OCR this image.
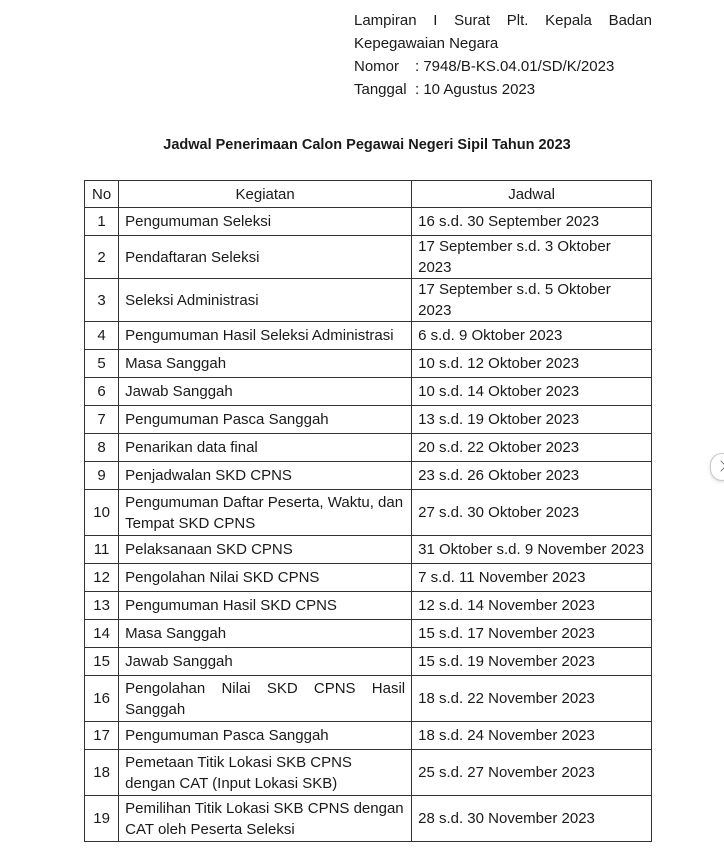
Lampiran I Surat Plt. Kepala Badan
Kepegawaian Negara
Nomor	: 7948/B-KS.04.01/SD/K/2023
Tanggal : 10 Agustus 2023
Jadwal Penerimaan Calon Pegawai Negeri Sipil Tahun 2023
No	Kegiatan	Jadwal
1	Pengumuman Seleksi	16 s.d. 30 September 2023
2	Pendaftaran Seleksi	17 September s.d. 3 Oktober 2023
3	Seleksi Administrasi	17 September s.d. 5 Oktober 2023
4	Pengumuman Hasil Seleksi Administrasi	6 s.d. 9 Oktober 2023
5	Masa Sanggah	10 s.d. 12 Oktober 2023
6	Jawab Sanggah	10 s.d. 14 Oktober 2023
7	Pengumuman Pasca Sanggah	13 s.d. 19 Oktober 2023
8	Penarikan data final	20 s.d. 22 Oktober 2023
9	Penjadwalan SKD CPNS	23 s.d. 26 Oktober 2023
10	Pengumuman Daftar Peserta, Waktu, dan Tempat SKD CPNS	27 s.d. 30 Oktober 2023
11	Pelaksanaan SKD CPNS	31 Oktober s.d. 9 November 2023
12	Pengolahan Nilai SKD CPNS	7 s.d. 11 November 2023
13	Pengumuman Hasil SKD CPNS	12 s.d. 14 November 2023
14	Masa Sanggah	15 s.d. 17 November 2023
15	Jawab Sanggah	15 s.d. 19 November 2023
16	Pengolahan Nilai SKD CPNS Hasil Sanggah	18 s.d. 22 November 2023
17	Pengumuman Pasca Sanggah	18 s.d. 24 November 2023
18	Pemetaan Titik Lokasi SKB CPNS dengan CAT (Input Lokasi SKB)	25 s.d. 27 November 2023
19	Pemilihan Titik Lokasi SKB CPNS dengan CAT oleh Peserta Seleksi	28 s.d. 30 November 2023
